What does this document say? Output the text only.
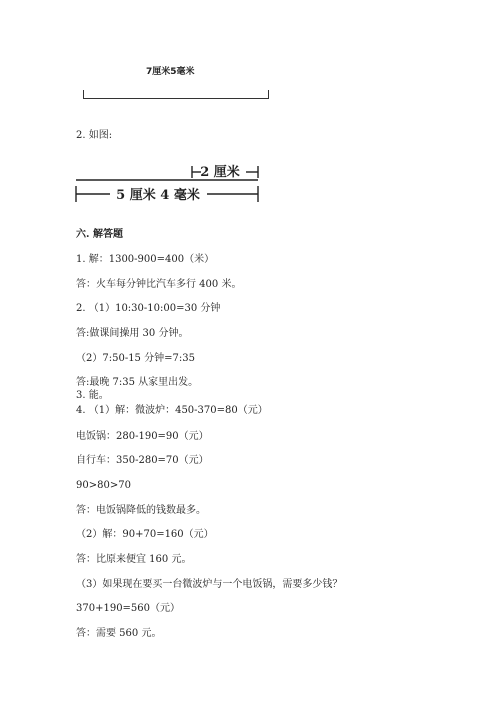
7厘米5毫米
2. 如图:
2 厘米
5 厘米 4 毫米
六. 解答题
1. 解：1300-900=400（米）
答：火车每分钟比汽车多行 400 米。
2. （1）10:30-10:00=30 分钟
答:做课间操用 30 分钟。
（2）7:50-15 分钟=7:35
答:最晚 7:35 从家里出发。
3. 能。
4. （1）解：微波炉：450-370=80（元）
电饭锅：280-190=90（元）
自行车：350-280=70（元）
90>80>70
答：电饭锅降低的钱数最多。
（2）解：90+70=160（元）
答：比原来便宜 160 元。
（3）如果现在要买一台微波炉与一个电饭锅，需要多少钱？
370+190=560（元）
答：需要 560 元。
